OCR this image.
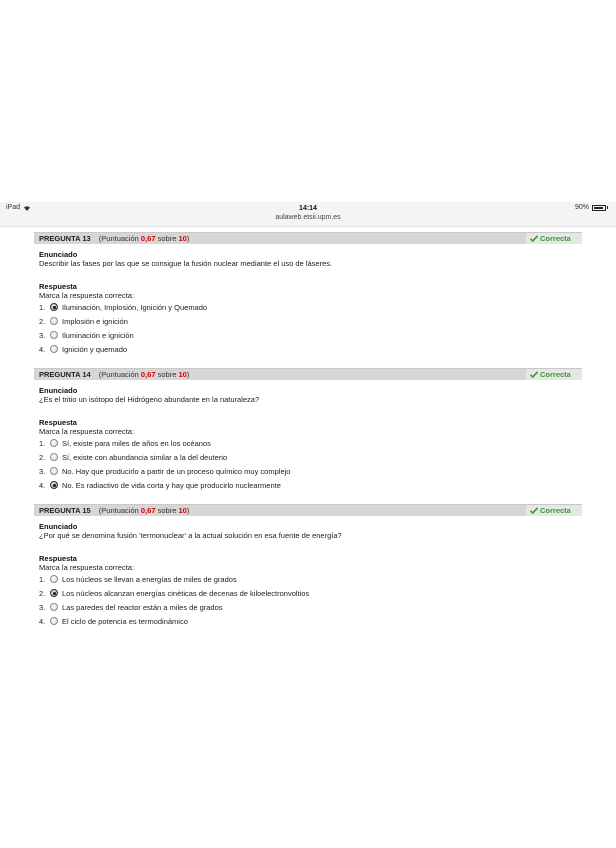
iPad	14:14
aulaweb.etsii.upm.es
90%
PREGUNTA 13 (Puntuación 0,67 sobre 10)	Correcta
Enunciado
Describir las fases por las que se consigue la fusión nuclear mediante el uso de láseres.
Respuesta
Marca la respuesta correcta:
1.	Iluminación, Implosión, Ignición y Quemado
2.	Implosión e ignición
3.	Iluminación e ignición
4.	Ignición y quemado
PREGUNTA 14 (Puntuación 0,67 sobre 10)	Correcta
Enunciado
¿Es el tritio un isótopo del Hidrógeno abundante en la naturaleza?
Respuesta
Marca la respuesta correcta:
1.	Sí, existe para miles de años en los océanos
2.	Sí, existe con abundancia similar a la del deuterio
3.	No. Hay que producirlo a partir de un proceso químico muy complejo
4.	No. Es radiactivo de vida corta y hay que producirlo nuclearmente
PREGUNTA 15 (Puntuación 0,67 sobre 10)	Correcta
Enunciado
¿Por qué se denomina fusión ‘termonuclear’ a la actual solución en esa fuente de energía?
Respuesta
Marca la respuesta correcta:
1.	Los núcleos se llevan a energías de miles de grados
2.	Los núcleos alcanzan energías cinéticas de decenas de kiloelectronvoltios
3.	Las paredes del reactor están a miles de grados
4.	El ciclo de potencia es termodinámico
